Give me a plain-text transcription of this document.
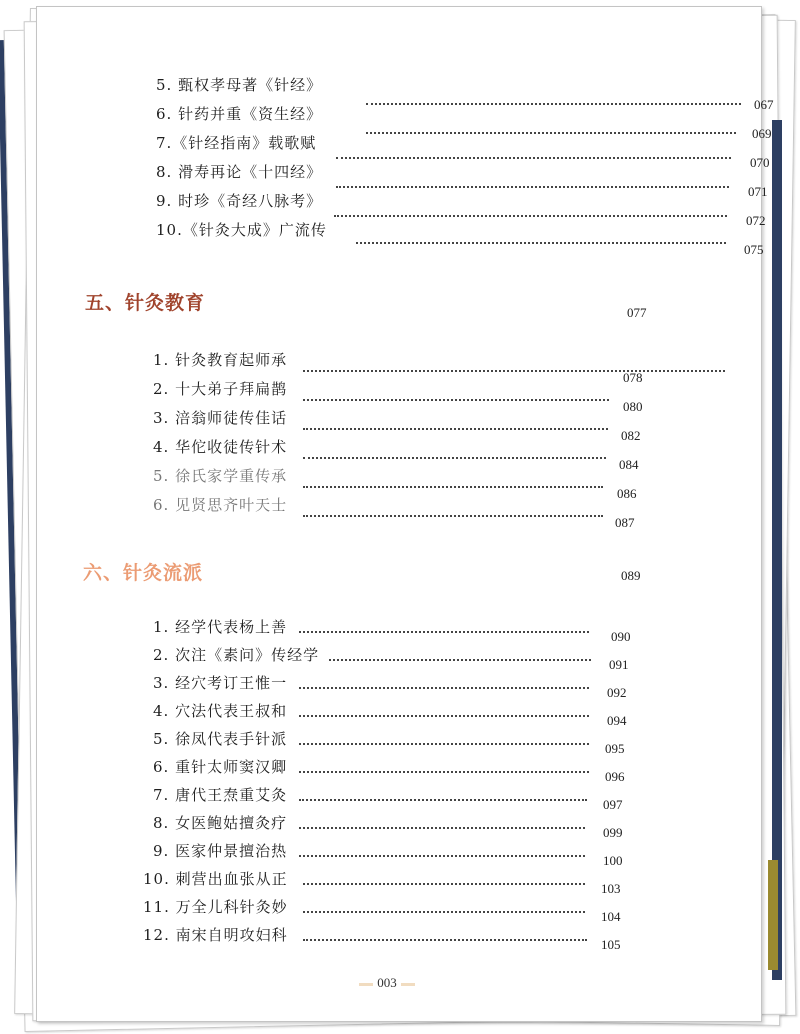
5. 甄权孝母著《针经》
067
6. 针药并重《资生经》
069
7.《针经指南》载歌赋
070
8. 滑寿再论《十四经》
071
9. 时珍《奇经八脉考》
072
10.《针灸大成》广流传
075
五、针灸教育	077
1. 针灸教育起师承
078
2. 十大弟子拜扁鹊
080
3. 涪翁师徒传佳话
082
4. 华佗收徒传针术
084
5. 徐氏家学重传承
086
6. 见贤思齐叶天士
087
六、针灸流派	089
1. 经学代表杨上善
090
2. 次注《素问》传经学
091
3. 经穴考订王惟一
092
4. 穴法代表王叔和
094
5. 徐凤代表手针派
095
6. 重针太师窦汉卿
096
7. 唐代王焘重艾灸
097
8. 女医鲍姑擅灸疗
099
9. 医家仲景擅治热
100
10. 刺营出血张从正
103
11. 万全儿科针灸妙
104
12. 南宋自明攻妇科
105
003
